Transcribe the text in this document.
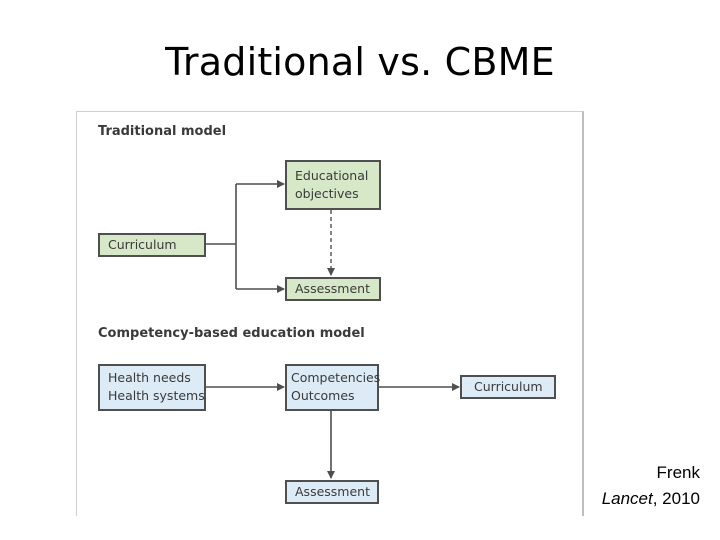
Traditional vs. CBME
Traditional model
Educational
objectives
Curriculum
Assessment
Competency-based education model
Health needs
Health systems
Competencies
Outcomes
Curriculum
Assessment
Frenk
Lancet, 2010
